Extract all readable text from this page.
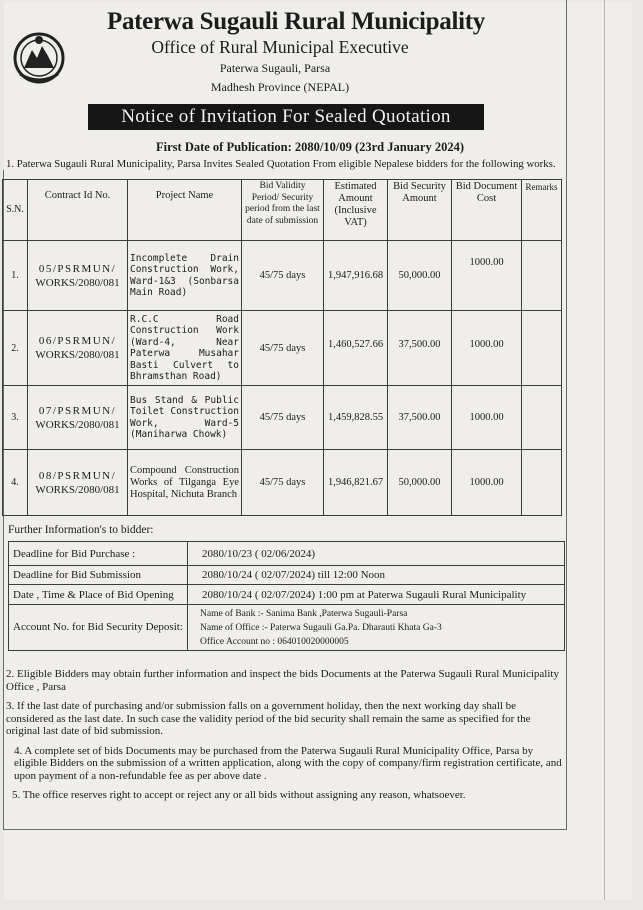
Paterwa Sugauli Rural Municipality
Office of Rural Municipal Executive
Paterwa Sugauli, Parsa
Madhesh Province (NEPAL)
Notice of Invitation For Sealed Quotation
First Date of Publication: 2080/10/09 (23rd January 2024)
1. Paterwa Sugauli Rural Municipality, Parsa Invites Sealed Quotation From eligible Nepalese bidders for the following works.
S.N.	Contract Id No.	Project Name	Bid Validity Period/ Security period from the last date of submission	Estimated Amount (Inclusive VAT)	Bid Security Amount	Bid Document Cost	Remarks
1.	05/PSRMUN/
WORKS/2080/081	Incomplete Drain Construction Work, Ward-1&3 (Sonbarsa Main Road)	45/75 days	1,947,916.68	50,000.00	1000.00	
2.	06/PSRMUN/
WORKS/2080/081	R.C.C Road Construction Work (Ward-4, Near Paterwa Musahar Basti Culvert to Bhramsthan Road)	45/75 days	1,460,527.66	37,500.00	1000.00	
3.	07/PSRMUN/
WORKS/2080/081	Bus Stand & Public Toilet Construction Work, Ward-5 (Maniharwa Chowk)	45/75 days	1,459,828.55	37,500.00	1000.00	
4.	08/PSRMUN/
WORKS/2080/081	Compound Construction Works of Tilganga Eye Hospital, Nichuta Branch	45/75 days	1,946,821.67	50,000.00	1000.00	
Further Information's to bidder:
Deadline for Bid Purchase :	2080/10/23 ( 02/06/2024)
Deadline for Bid Submission	2080/10/24 ( 02/07/2024) till 12:00 Noon
Date , Time & Place of Bid Opening	2080/10/24 ( 02/07/2024) 1:00 pm at Paterwa Sugauli Rural Municipality
Account No. for Bid Security Deposit:	Name of Bank :- Sanima Bank ,Paterwa Sugauli-Parsa
Name of Office :- Paterwa Sugauli Ga.Pa. Dharauti Khata Ga-3
Office Account no : 064010020000005

2. Eligible Bidders may obtain further information and inspect the bids Documents at the Paterwa Sugauli Rural Municipality Office , Parsa

3. If the last date of purchasing and/or submission falls on a government holiday, then the next working day shall be considered as the last date. In such case the validity period of the bid security shall remain the same as specified for the original last date of bid submission.

4. A complete set of bids Documents may be purchased from the Paterwa Sugauli Rural Municipality Office, Parsa by eligible Bidders on the submission of a written application, along with the copy of company/firm registration certificate, and upon payment of a non-refundable fee as per above date .

5. The office reserves right to accept or reject any or all bids without assigning any reason, whatsoever.
